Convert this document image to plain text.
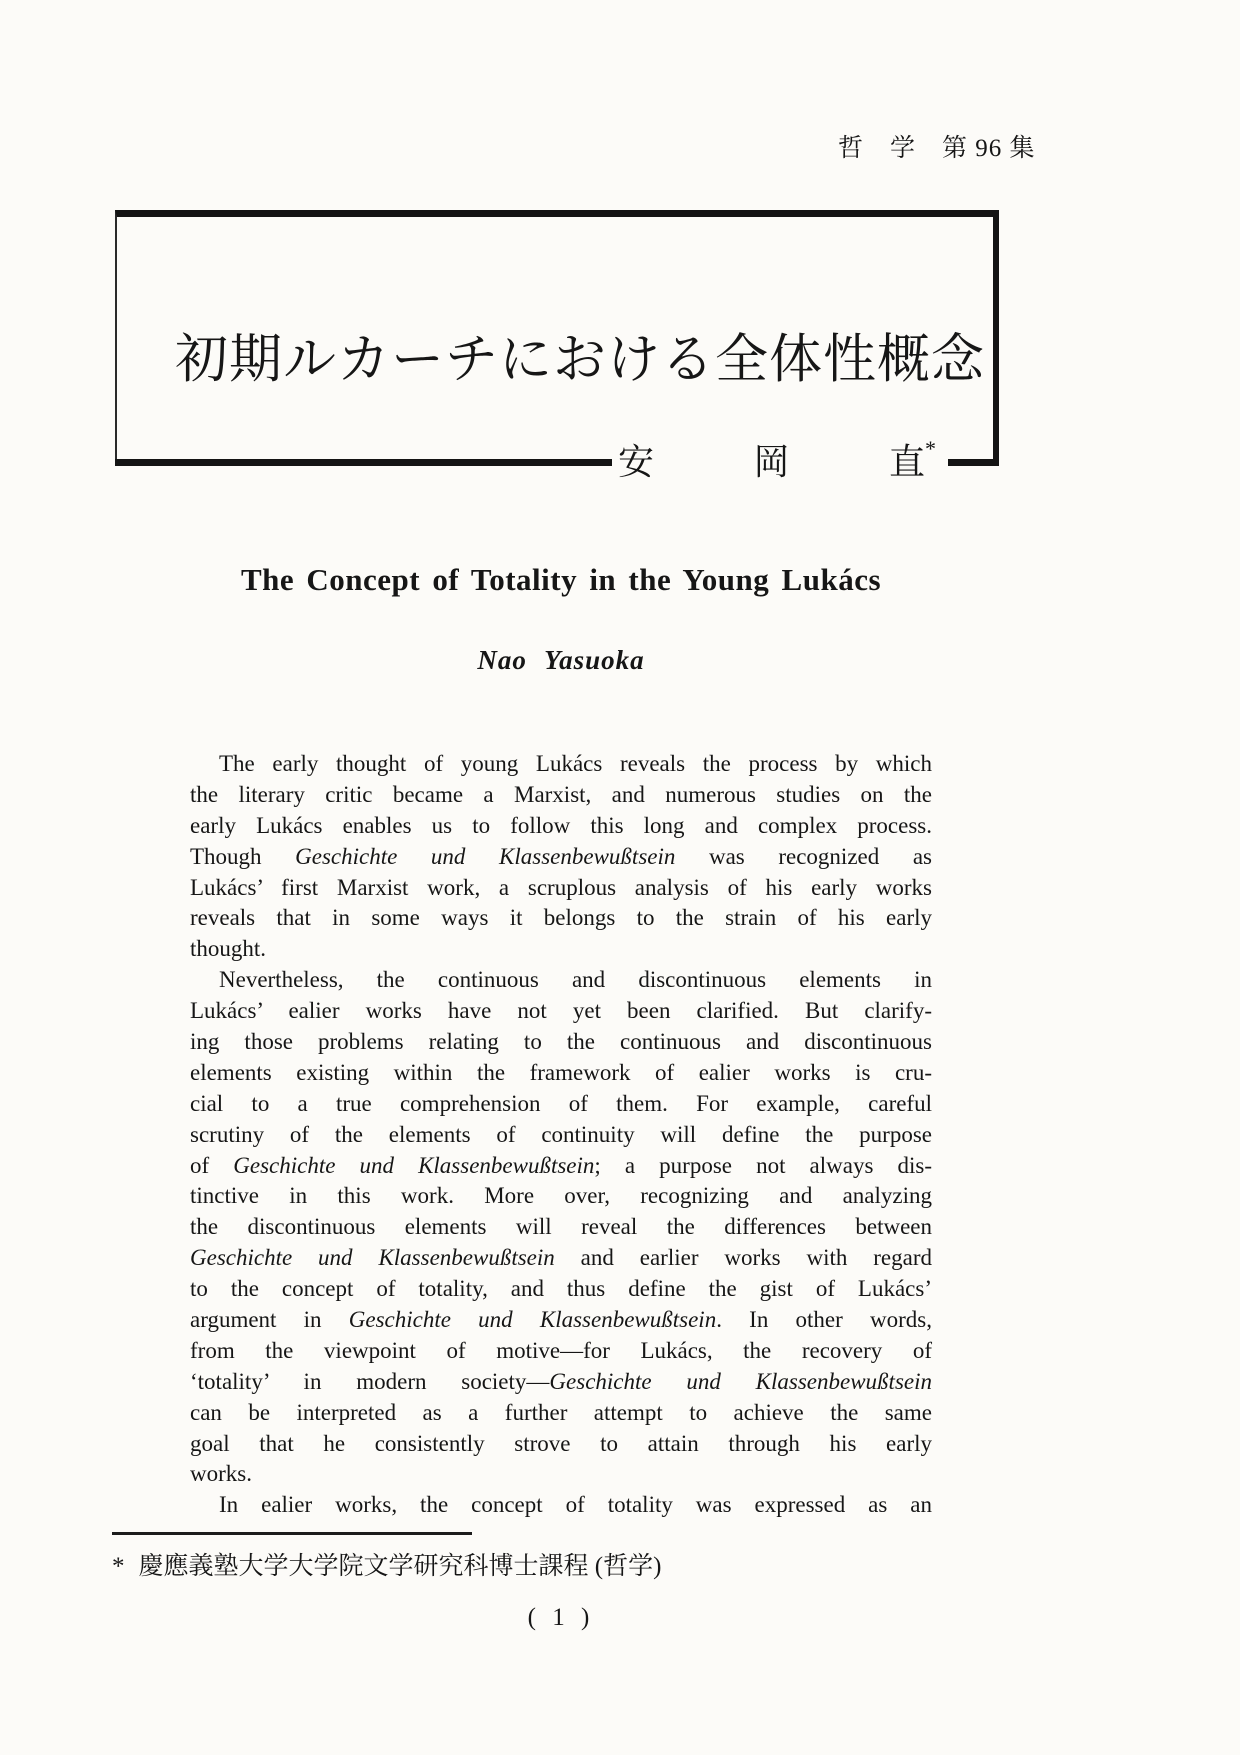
哲　学　第 96 集
初期ルカーチにおける全体性概念
安	岡	直*
The Concept of Totality in the Young Lukács
Nao Yasuoka
The early thought of young Lukács reveals the process by which
the literary critic became a Marxist, and numerous studies on the
early Lukács enables us to follow this long and complex process.
Though Geschichte und Klassenbewußtsein was recognized as
Lukács’ first Marxist work, a scruplous analysis of his early works
reveals that in some ways it belongs to the strain of his early
thought.
Nevertheless, the continuous and discontinuous elements in
Lukács’ ealier works have not yet been clarified. But clarify-
ing those problems relating to the continuous and discontinuous
elements existing within the framework of ealier works is cru-
cial to a true comprehension of them. For example, careful
scrutiny of the elements of continuity will define the purpose
of Geschichte und Klassenbewußtsein; a purpose not always dis-
tinctive in this work. More over, recognizing and analyzing
the discontinuous elements will reveal the differences between
Geschichte und Klassenbewußtsein and earlier works with regard
to the concept of totality, and thus define the gist of Lukács’
argument in Geschichte und Klassenbewußtsein. In other words,
from the viewpoint of motive—for Lukács, the recovery of
‘totality’ in modern society—Geschichte und Klassenbewußtsein
can be interpreted as a further attempt to achieve the same
goal that he consistently strove to attain through his early
works.
In ealier works, the concept of totality was expressed as an
* 慶應義塾大学大学院文学研究科博士課程 (哲学)
( 1 )
